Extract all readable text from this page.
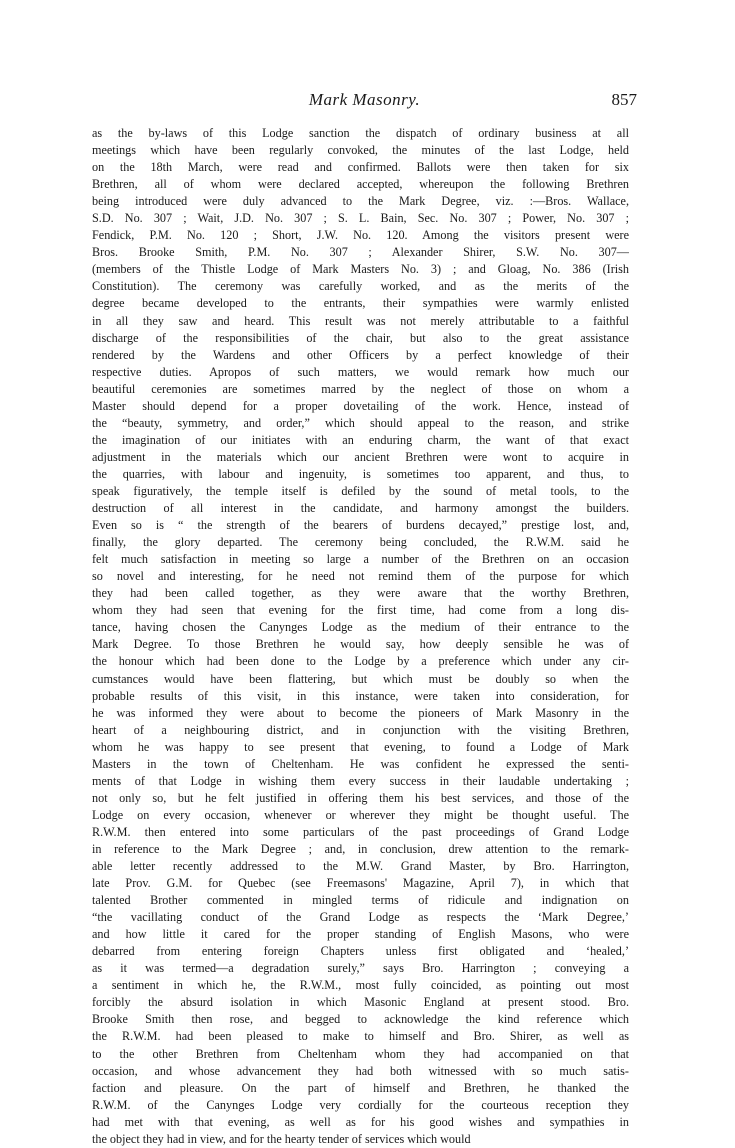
Mark Masonry.	857
as the by-laws of this Lodge sanction the dispatch of ordinary business at all
meetings which have been regularly convoked, the minutes of the last Lodge, held
on the 18th March, were read and confirmed. Ballots were then taken for six
Brethren, all of whom were declared accepted, whereupon the following Brethren
being introduced were duly advanced to the Mark Degree, viz. :—Bros. Wallace,
S.D. No. 307 ; Wait, J.D. No. 307 ; S. L. Bain, Sec. No. 307 ; Power, No. 307 ;
Fendick, P.M. No. 120 ; Short, J.W. No. 120. Among the visitors present were
Bros. Brooke Smith, P.M. No. 307 ; Alexander Shirer, S.W. No. 307—
(members of the Thistle Lodge of Mark Masters No. 3) ; and Gloag, No. 386 (Irish
Constitution). The ceremony was carefully worked, and as the merits of the
degree became developed to the entrants, their sympathies were warmly enlisted
in all they saw and heard. This result was not merely attributable to a faithful
discharge of the responsibilities of the chair, but also to the great assistance
rendered by the Wardens and other Officers by a perfect knowledge of their
respective duties. Apropos of such matters, we would remark how much our
beautiful ceremonies are sometimes marred by the neglect of those on whom a
Master should depend for a proper dovetailing of the work. Hence, instead of
the “beauty, symmetry, and order,” which should appeal to the reason, and strike
the imagination of our initiates with an enduring charm, the want of that exact
adjustment in the materials which our ancient Brethren were wont to acquire in
the quarries, with labour and ingenuity, is sometimes too apparent, and thus, to
speak figuratively, the temple itself is defiled by the sound of metal tools, to the
destruction of all interest in the candidate, and harmony amongst the builders.
Even so is “ the strength of the bearers of burdens decayed,” prestige lost, and,
finally, the glory departed. The ceremony being concluded, the R.W.M. said he
felt much satisfaction in meeting so large a number of the Brethren on an occasion
so novel and interesting, for he need not remind them of the purpose for which
they had been called together, as they were aware that the worthy Brethren,
whom they had seen that evening for the first time, had come from a long dis-
tance, having chosen the Canynges Lodge as the medium of their entrance to the
Mark Degree. To those Brethren he would say, how deeply sensible he was of
the honour which had been done to the Lodge by a preference which under any cir-
cumstances would have been flattering, but which must be doubly so when the
probable results of this visit, in this instance, were taken into consideration, for
he was informed they were about to become the pioneers of Mark Masonry in the
heart of a neighbouring district, and in conjunction with the visiting Brethren,
whom he was happy to see present that evening, to found a Lodge of Mark
Masters in the town of Cheltenham. He was confident he expressed the senti-
ments of that Lodge in wishing them every success in their laudable undertaking ;
not only so, but he felt justified in offering them his best services, and those of the
Lodge on every occasion, whenever or wherever they might be thought useful. The
R.W.M. then entered into some particulars of the past proceedings of Grand Lodge
in reference to the Mark Degree ; and, in conclusion, drew attention to the remark-
able letter recently addressed to the M.W. Grand Master, by Bro. Harrington,
late Prov. G.M. for Quebec (see Freemasons' Magazine, April 7), in which that
talented Brother commented in mingled terms of ridicule and indignation on
“the vacillating conduct of the Grand Lodge as respects the ‘Mark Degree,’
and how little it cared for the proper standing of English Masons, who were
debarred from entering foreign Chapters unless first obligated and ‘healed,’
as it was termed—a degradation surely,” says Bro. Harrington ; conveying a
a sentiment in which he, the R.W.M., most fully coincided, as pointing out most
forcibly the absurd isolation in which Masonic England at present stood. Bro.
Brooke Smith then rose, and begged to acknowledge the kind reference which
the R.W.M. had been pleased to make to himself and Bro. Shirer, as well as
to the other Brethren from Cheltenham whom they had accompanied on that
occasion, and whose advancement they had both witnessed with so much satis-
faction and pleasure. On the part of himself and Brethren, he thanked the
R.W.M. of the Canynges Lodge very cordially for the courteous reception they
had met with that evening, as well as for his good wishes and sympathies in
the object they had in view, and for the hearty tender of services which would
